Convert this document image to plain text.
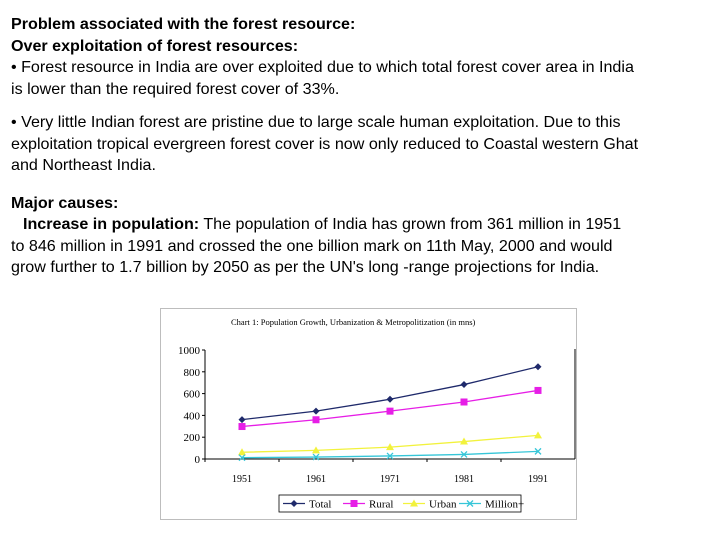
Problem associated with the forest resource:

Over exploitation of forest resources:

• Forest resource in India are over exploited due to which total forest cover area in India

is lower than the required forest cover of 33%.

• Very little Indian forest are pristine due to large scale human exploitation. Due to this

exploitation tropical evergreen forest cover is now only reduced to Coastal western Ghat

and Northeast India.

Major causes:

Increase in population: The population of India has grown from 361 million in 1951

to 846 million in 1991 and crossed the one billion mark on 11th May, 2000 and would

grow further to 1.7 billion by 2050 as per the UN's long -range projections for India.

Chart 1: Population Growth, Urbanization & Metropolitization (in mns)
0
200
400
600
800
1000
1951	1961	1971	1981	1991
Total	Rural	Urban	Million+
